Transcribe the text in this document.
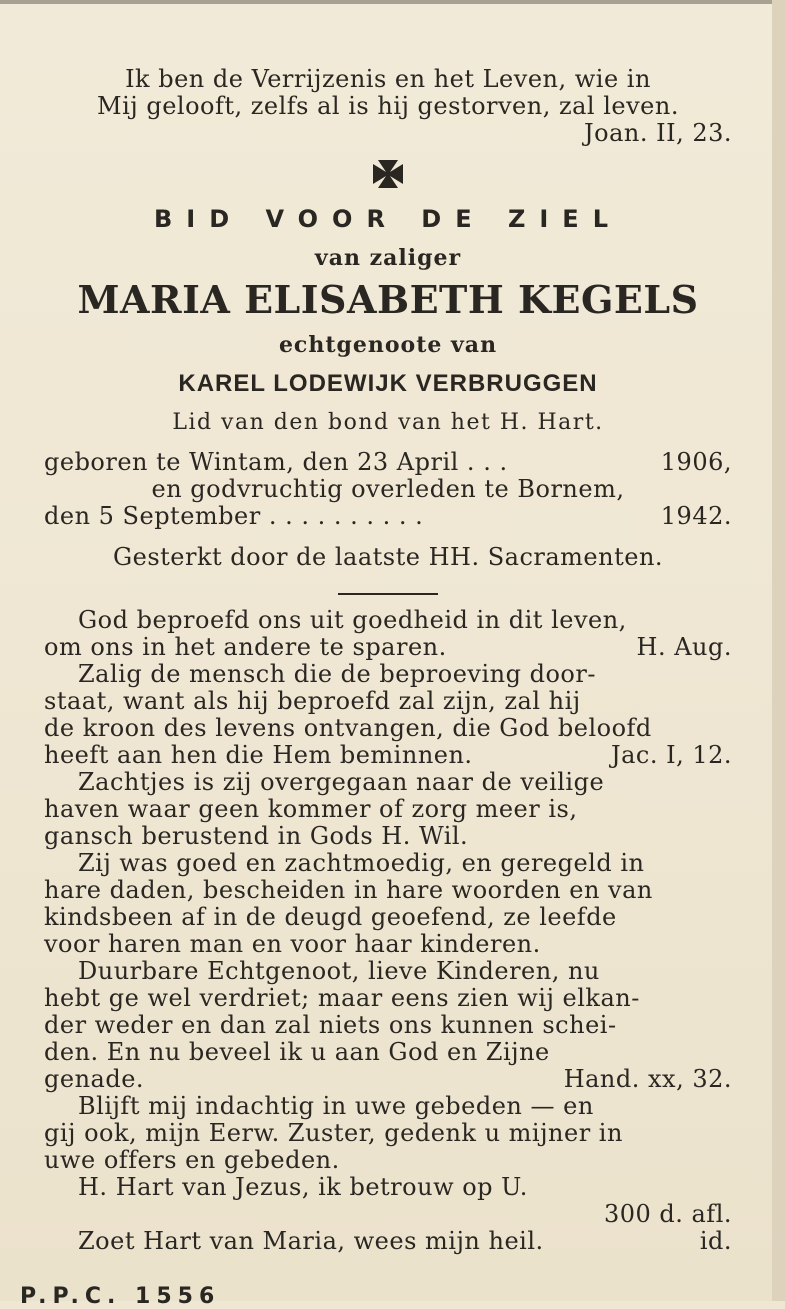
Ik ben de Verrijzenis en het Leven, wie in
Mij gelooft, zelfs al is hij gestorven, zal leven.
Joan. II, 23.
BID VOOR DE ZIEL
van zaliger
MARIA ELISABETH KEGELS
echtgenoote van
KAREL LODEWIJK VERBRUGGEN
Lid van den bond van het H. Hart.
geboren te Wintam, den 23 April . . .	1906,
en godvruchtig overleden te Bornem,
den 5 September . . . . . . . . . .	1942.
Gesterkt door de laatste HH. Sacramenten.
God beproefd ons uit goedheid in dit leven,
om ons in het andere te sparen.	H. Aug.
Zalig de mensch die de beproeving door-
staat, want als hij beproefd zal zijn, zal hij
de kroon des levens ontvangen, die God beloofd
heeft aan hen die Hem beminnen.	Jac. I, 12.
Zachtjes is zij overgegaan naar de veilige
haven waar geen kommer of zorg meer is,
gansch berustend in Gods H. Wil.
Zij was goed en zachtmoedig, en geregeld in
hare daden, bescheiden in hare woorden en van
kindsbeen af in de deugd geoefend, ze leefde
voor haren man en voor haar kinderen.
Duurbare Echtgenoot, lieve Kinderen, nu
hebt ge wel verdriet; maar eens zien wij elkan-
der weder en dan zal niets ons kunnen schei-
den. En nu beveel ik u aan God en Zijne
genade.	Hand. xx, 32.
Blijft mij indachtig in uwe gebeden — en
gij ook, mijn Eerw. Zuster, gedenk u mijner in
uwe offers en gebeden.
H. Hart van Jezus, ik betrouw op U.
300 d. afl.
Zoet Hart van Maria, wees mijn heil.	id.
P.P.C. 1556
